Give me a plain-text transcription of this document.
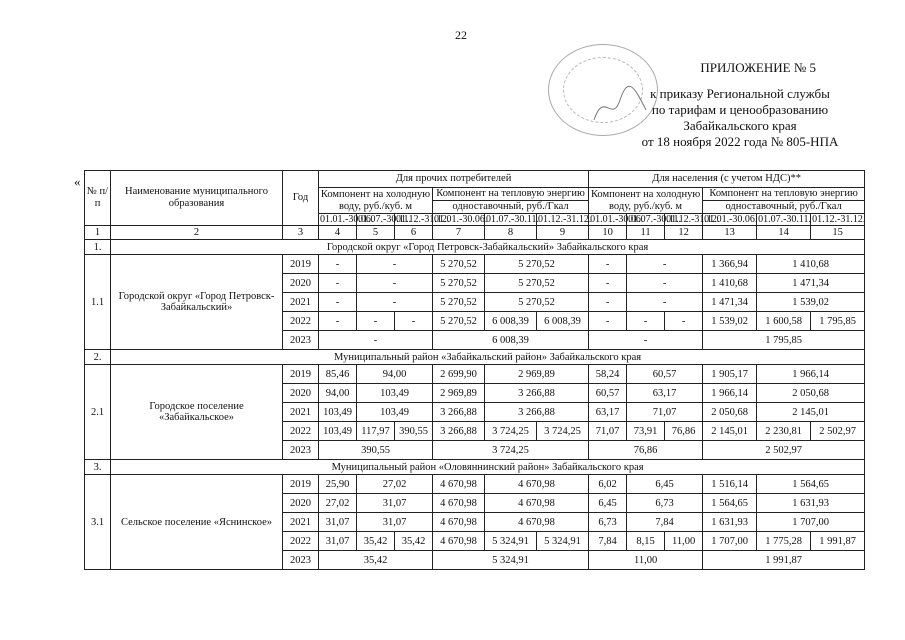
22
ПРИЛОЖЕНИЕ № 5
к приказу Региональной службы
по тарифам и ценообразованию
Забайкальского края
от 18 ноября 2022 года № 805-НПА
«
№ п/п	Наименование муниципального образования	Год	Для прочих потребителей						Для населения (с учетом НДС)**					
			Компонент на холодную воду, руб./куб. м			Компонент на тепловую энергию			Компонент на холодную воду, руб./куб. м			Компонент на тепловую энергию		
						одноставочный, руб./Гкал						одноставочный, руб./Гкал		
			01.01.-30.06.	01.07.-30.11.	01.12.-31.12.	01.01.-30.06.	01.07.-30.11.	01.12.-31.12.	01.01.-30.06.	01.07.-30.11.	01.12.-31.12.	01.01.-30.06.	01.07.-30.11.	01.12.-31.12.
1	2	3	4	5	6	7	8	9	10	11	12	13	14	15
1.	Городской округ «Город Петровск-Забайкальский» Забайкальского края													
1.1	Городской округ «Город Петровск-Забайкальский»	2019	-	-		5 270,52	5 270,52		-	-		1 366,94	1 410,68	
		2020	-	-		5 270,52	5 270,52		-	-		1 410,68	1 471,34	
		2021	-	-		5 270,52	5 270,52		-	-		1 471,34	1 539,02	
		2022	-	-	-	5 270,52	6 008,39	6 008,39	-	-	-	1 539,02	1 600,58	1 795,85
		2023	-			6 008,39			-			1 795,85		
2.	Муниципальный район «Забайкальский район» Забайкальского края													
2.1	Городское поселение «Забайкальское»	2019	85,46	94,00		2 699,90	2 969,89		58,24	60,57		1 905,17	1 966,14	
		2020	94,00	103,49		2 969,89	3 266,88		60,57	63,17		1 966,14	2 050,68	
		2021	103,49	103,49		3 266,88	3 266,88		63,17	71,07		2 050,68	2 145,01	
		2022	103,49	117,97	390,55	3 266,88	3 724,25	3 724,25	71,07	73,91	76,86	2 145,01	2 230,81	2 502,97
		2023	390,55			3 724,25			76,86			2 502,97		
3.	Муниципальный район «Оловяннинский район» Забайкальского края													
3.1	Сельское поселение «Яснинское»	2019	25,90	27,02		4 670,98	4 670,98		6,02	6,45		1 516,14	1 564,65	
		2020	27,02	31,07		4 670,98	4 670,98		6,45	6,73		1 564,65	1 631,93	
		2021	31,07	31,07		4 670,98	4 670,98		6,73	7,84		1 631,93	1 707,00	
		2022	31,07	35,42	35,42	4 670,98	5 324,91	5 324,91	7,84	8,15	11,00	1 707,00	1 775,28	1 991,87
		2023	35,42			5 324,91			11,00			1 991,87		
